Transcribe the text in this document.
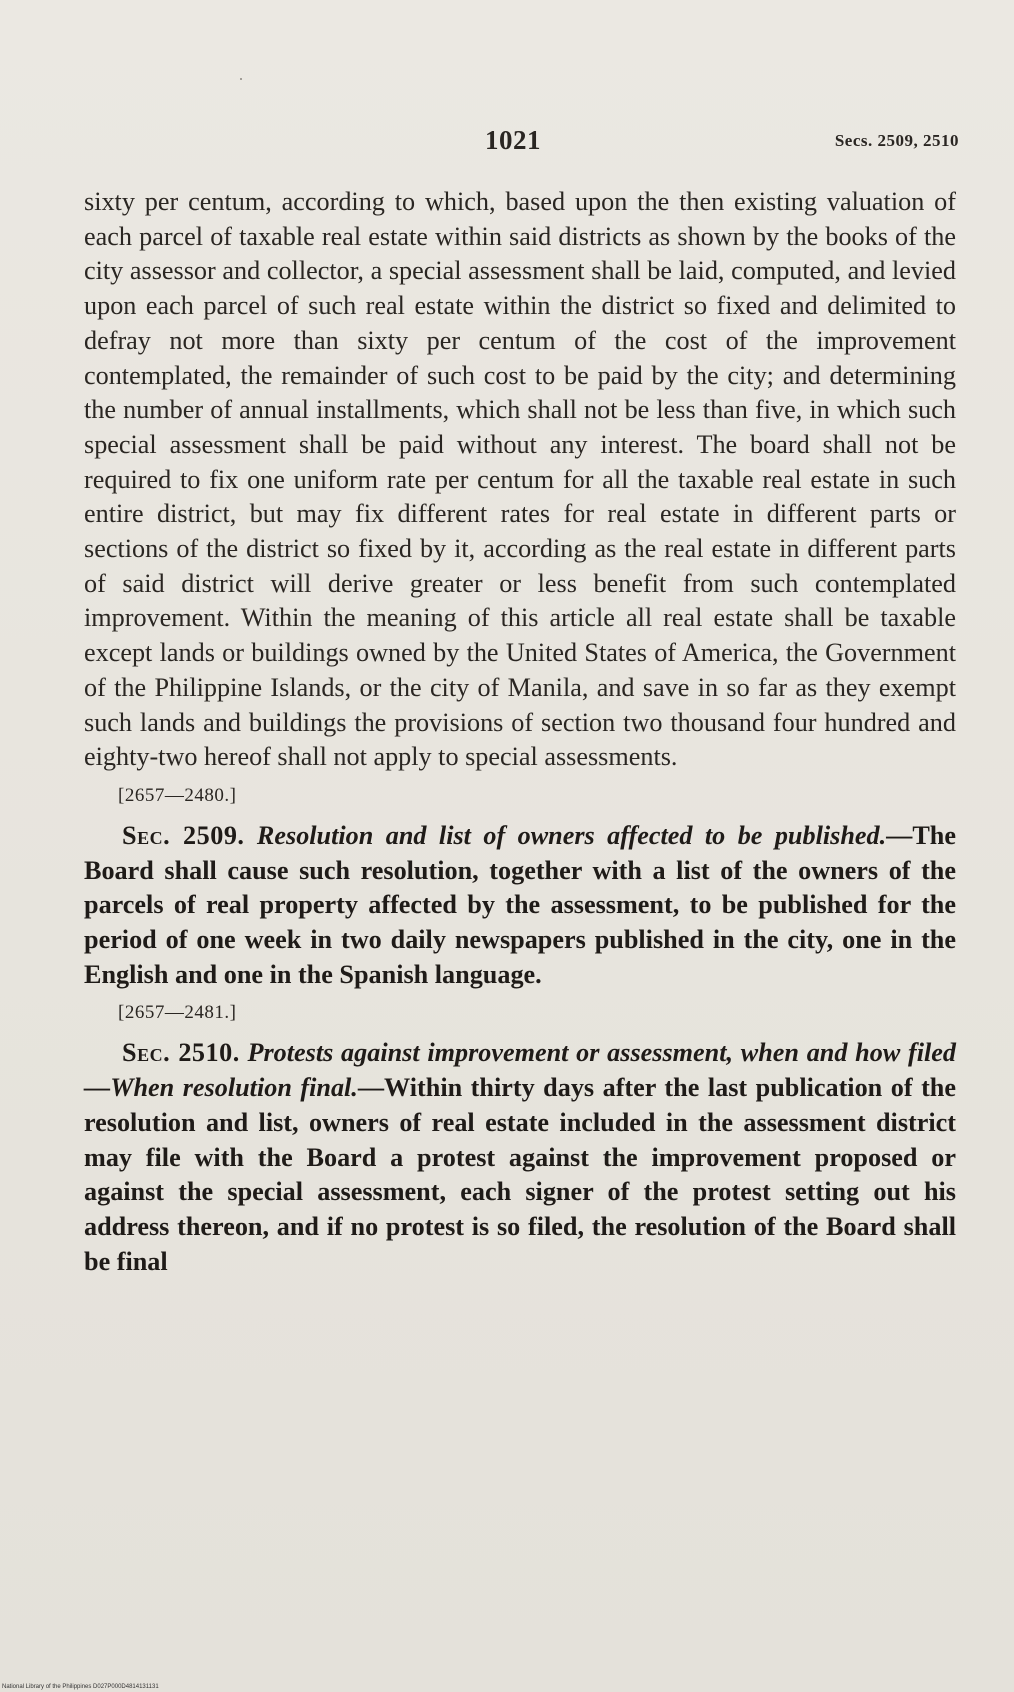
1021	Secs. 2509, 2510

sixty per centum, according to which, based upon the then existing valuation of each parcel of taxable real estate within said districts as shown by the books of the city assessor and collector, a special assessment shall be laid, computed, and levied upon each parcel of such real estate within the district so fixed and delimited to defray not more than sixty per centum of the cost of the improvement contemplated, the remainder of such cost to be paid by the city; and determining the number of annual installments, which shall not be less than five, in which such special assessment shall be paid without any interest. The board shall not be required to fix one uniform rate per centum for all the taxable real estate in such entire district, but may fix different rates for real estate in different parts or sections of the district so fixed by it, according as the real estate in different parts of said district will derive greater or less benefit from such contemplated improvement. Within the meaning of this article all real estate shall be taxable except lands or buildings owned by the United States of America, the Government of the Philippine Islands, or the city of Manila, and save in so far as they exempt such lands and buildings the provisions of section two thousand four hundred and eighty-two hereof shall not apply to special assessments.

[2657—2480.]

Sec. 2509. Resolution and list of owners affected to be published.—The Board shall cause such resolution, together with a list of the owners of the parcels of real property affected by the assessment, to be published for the period of one week in two daily newspapers published in the city, one in the English and one in the Spanish language.

[2657—2481.]

Sec. 2510. Protests against improvement or assessment, when and how filed—When resolution final.—Within thirty days after the last publication of the resolution and list, owners of real estate included in the assessment district may file with the Board a protest against the improvement proposed or against the special assessment, each signer of the protest setting out his address thereon, and if no protest is so filed, the resolution of the Board shall be final

National Library of the Philippines D027P000D4814131131
